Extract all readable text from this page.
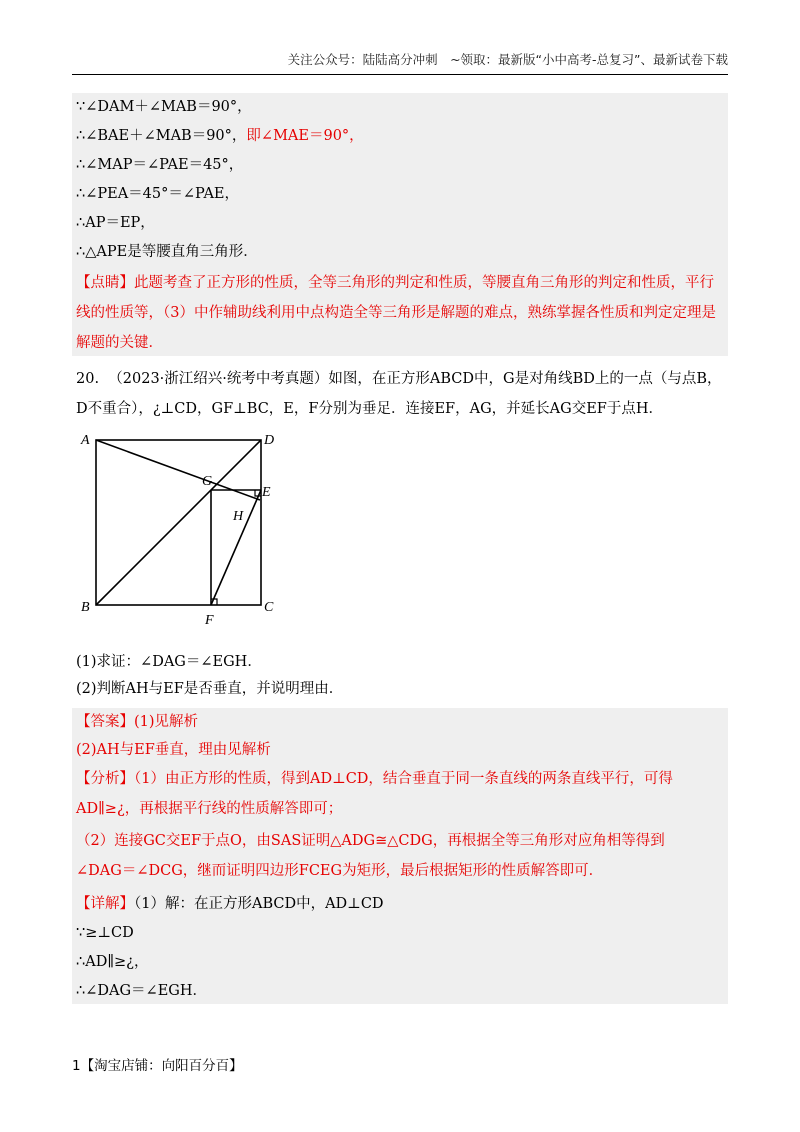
关注公众号：陆陆高分冲刺　~领取：最新版“小中高考-总复习”、最新试卷下载
∵∠DAM＋∠MAB＝90°，
∴∠BAE＋∠MAB＝90°，即∠MAE＝90°，
∴∠MAP＝∠PAE＝45°，
∴∠PEA＝45°＝∠PAE，
∴AP＝EP，
∴△APE是等腰直角三角形．
【点睛】此题考查了正方形的性质，全等三角形的判定和性质，等腰直角三角形的判定和性质，平行线的性质等，（3）中作辅助线利用中点构造全等三角形是解题的难点，熟练掌握各性质和判定定理是解题的关键．
20. （2023·浙江绍兴·统考中考真题）如图，在正方形ABCD中，G是对角线BD上的一点（与点B，D不重合），¿⊥CD，GF⊥BC，E，F分别为垂足．连接EF，AG，并延长AG交EF于点H．
A	D
B	C
E
F
G
H
(1)求证：∠DAG＝∠EGH．
(2)判断AH与EF是否垂直，并说明理由．
【答案】(1)见解析
(2)AH与EF垂直，理由见解析
【分析】（1）由正方形的性质，得到AD⊥CD，结合垂直于同一条直线的两条直线平行，可得AD∥≥¿，再根据平行线的性质解答即可；
（2）连接GC交EF于点O，由SAS证明△ADG≅△CDG，再根据全等三角形对应角相等得到
∠DAG＝∠DCG，继而证明四边形FCEG为矩形，最后根据矩形的性质解答即可．
【详解】（1）解：在正方形ABCD中，AD⊥CD
∵≥⊥CD
∴AD∥≥¿，
∴∠DAG＝∠EGH．
1【淘宝店铺：向阳百分百】
